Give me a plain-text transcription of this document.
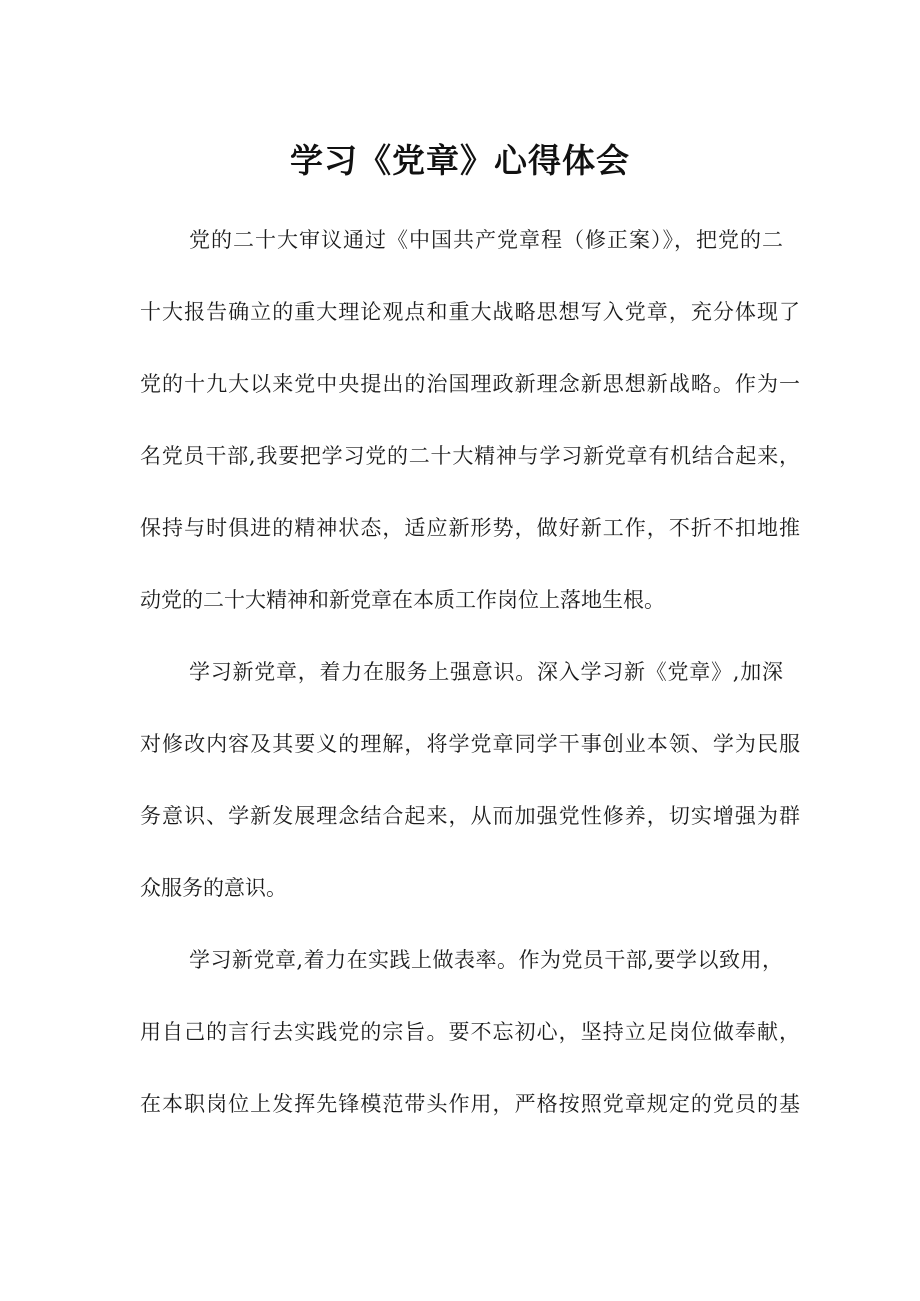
学习《党章》心得体会
党的二十大审议通过《中国共产党章程（修正案）》，把党的二
十大报告确立的重大理论观点和重大战略思想写入党章，充分体现了
党的十九大以来党中央提出的治国理政新理念新思想新战略。作为一
名党员干部,我要把学习党的二十大精神与学习新党章有机结合起来，
保持与时俱进的精神状态，适应新形势，做好新工作，不折不扣地推
动党的二十大精神和新党章在本质工作岗位上落地生根。
学习新党章，着力在服务上强意识。深入学习新《党章》,加深
对修改内容及其要义的理解，将学党章同学干事创业本领、学为民服
务意识、学新发展理念结合起来，从而加强党性修养，切实增强为群
众服务的意识。
学习新党章,着力在实践上做表率。作为党员干部,要学以致用，
用自己的言行去实践党的宗旨。要不忘初心，坚持立足岗位做奉献，
在本职岗位上发挥先锋模范带头作用，严格按照党章规定的党员的基
